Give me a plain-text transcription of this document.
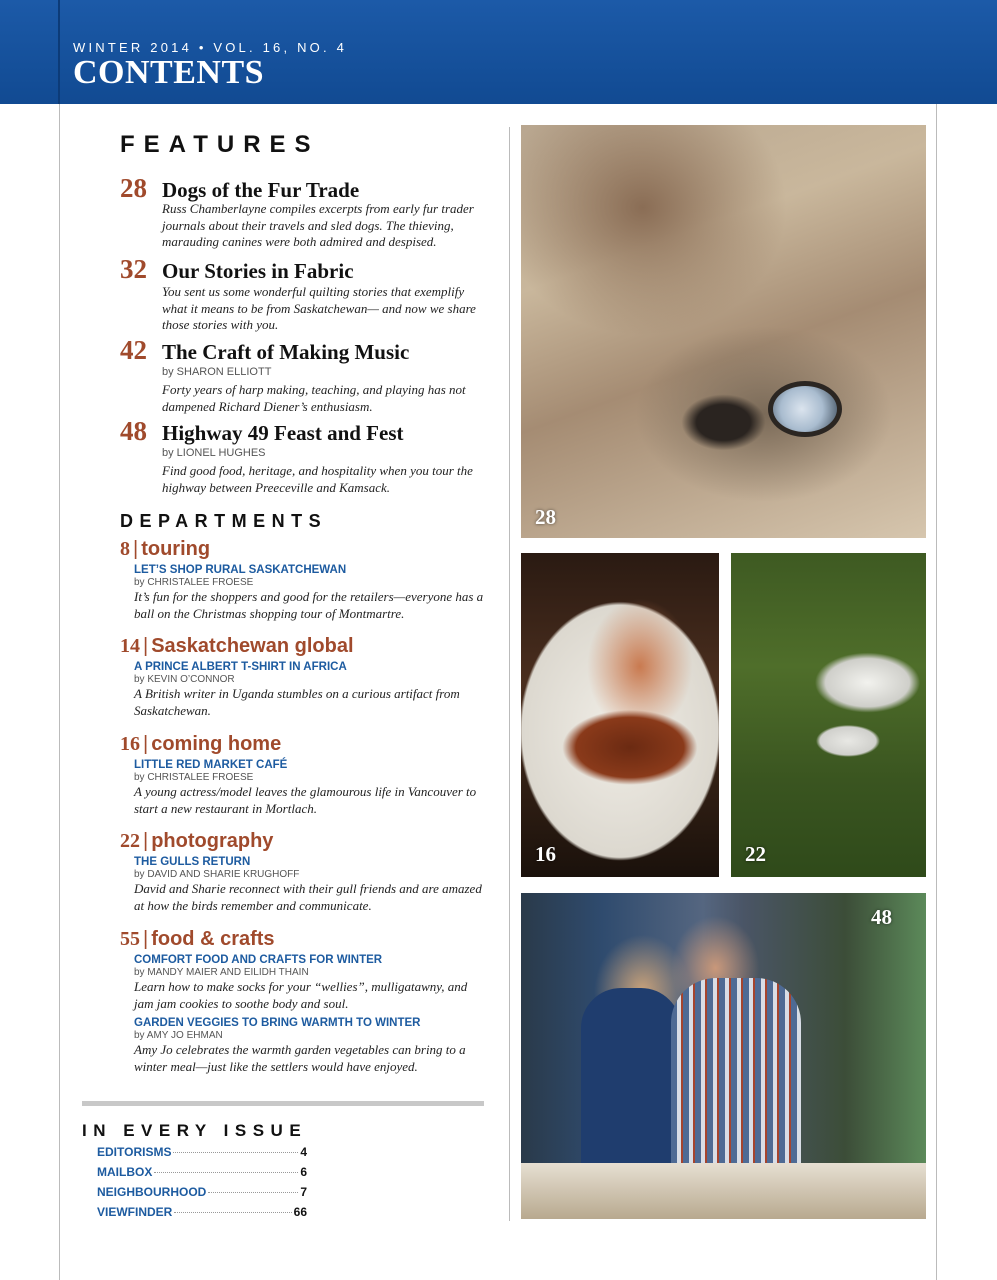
WINTER 2014 • VOL. 16, NO. 4
CONTENTS
FEATURES
28 Dogs of the Fur Trade
Russ Chamberlayne compiles excerpts from early fur trader journals about their travels and sled dogs. The thieving, marauding canines were both admired and despised.
32 Our Stories in Fabric
You sent us some wonderful quilting stories that exemplify what it means to be from Saskatchewan— and now we share those stories with you.
42 The Craft of Making Music
by SHARON ELLIOTT
Forty years of harp making, teaching, and playing has not dampened Richard Diener’s enthusiasm.
48 Highway 49 Feast and Fest
by LIONEL HUGHES
Find good food, heritage, and hospitality when you tour the highway between Preeceville and Kamsack.
DEPARTMENTS
8 | touring
LET’S SHOP RURAL SASKATCHEWAN
by CHRISTALEE FROESE
It’s fun for the shoppers and good for the retailers—everyone has a ball on the Christmas shopping tour of Montmartre.
14 | Saskatchewan global
A PRINCE ALBERT T-SHIRT IN AFRICA
by KEVIN O’CONNOR
A British writer in Uganda stumbles on a curious artifact from Saskatchewan.
16 | coming home
LITTLE RED MARKET CAFÉ
by CHRISTALEE FROESE
A young actress/model leaves the glamourous life in Vancouver to start a new restaurant in Mortlach.
22 | photography
THE GULLS RETURN
by DAVID AND SHARIE KRUGHOFF
David and Sharie reconnect with their gull friends and are amazed at how the birds remember and communicate.
55 | food & crafts
COMFORT FOOD AND CRAFTS FOR WINTER
by MANDY MAIER AND EILIDH THAIN
Learn how to make socks for your “wellies”, mulligatawny, and jam jam cookies to soothe body and soul.
GARDEN VEGGIES TO BRING WARMTH TO WINTER
by AMY JO EHMAN
Amy Jo celebrates the warmth garden vegetables can bring to a winter meal—just like the settlers would have enjoyed.
IN EVERY ISSUE
EDITORISMS	4
MAILBOX	6
NEIGHBOURHOOD	7
VIEWFINDER	66
28
16	22
48
